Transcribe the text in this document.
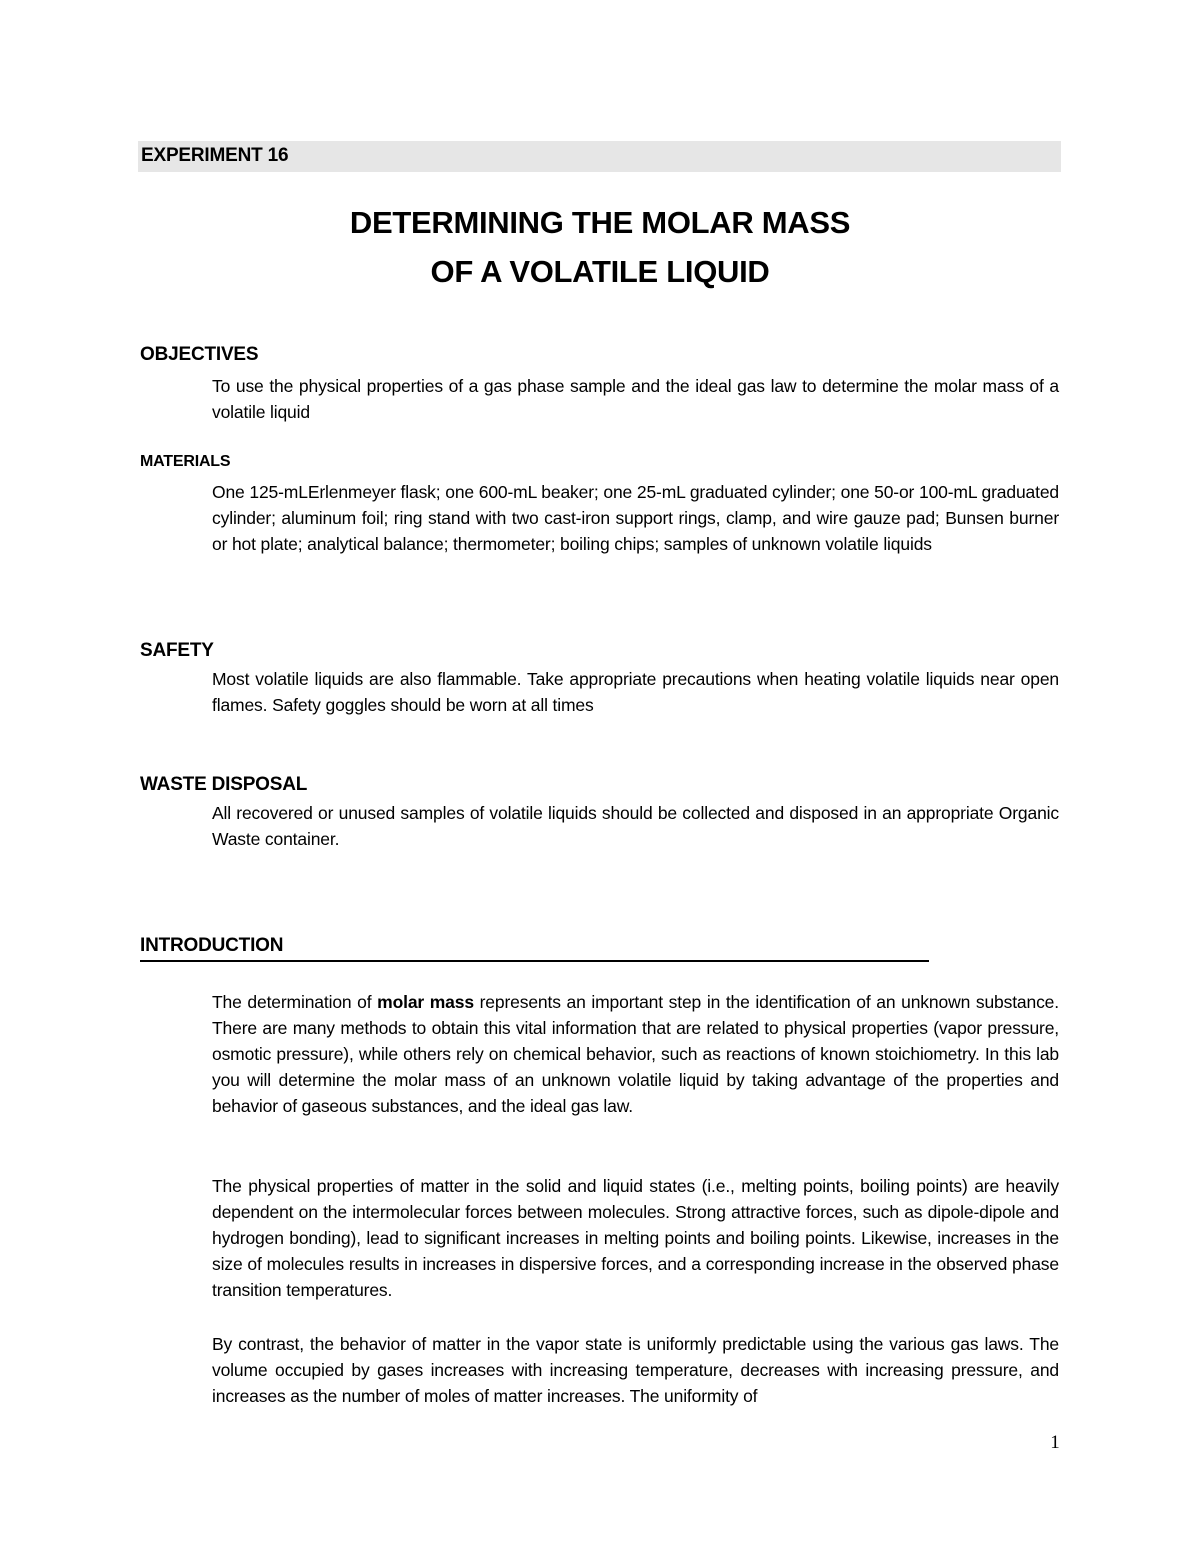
EXPERIMENT 16
DETERMINING THE MOLAR MASS
OF A VOLATILE LIQUID
OBJECTIVES

To use the physical properties of a gas phase sample and the ideal gas law to determine the molar mass of a volatile liquid

MATERIALS

One 125-mLErlenmeyer flask; one 600-mL beaker; one 25-mL graduated cylinder; one 50-or 100-mL graduated cylinder; aluminum foil; ring stand with two cast-iron support rings, clamp, and wire gauze pad; Bunsen burner or hot plate; analytical balance; thermometer; boiling chips; samples of unknown volatile liquids

SAFETY

Most volatile liquids are also flammable. Take appropriate precautions when heating volatile liquids near open flames. Safety goggles should be worn at all times

WASTE DISPOSAL

All recovered or unused samples of volatile liquids should be collected and disposed in an appropriate Organic Waste container.

INTRODUCTION

The determination of molar mass represents an important step in the identification of an unknown substance. There are many methods to obtain this vital information that are related to physical properties (vapor pressure, osmotic pressure), while others rely on chemical behavior, such as reactions of known stoichiometry. In this lab you will determine the molar mass of an unknown volatile liquid by taking advantage of the properties and behavior of gaseous substances, and the ideal gas law.

The physical properties of matter in the solid and liquid states (i.e., melting points, boiling points) are heavily dependent on the intermolecular forces between molecules. Strong attractive forces, such as dipole-dipole and hydrogen bonding), lead to significant increases in melting points and boiling points. Likewise, increases in the size of molecules results in increases in dispersive forces, and a corresponding increase in the observed phase transition temperatures.

By contrast, the behavior of matter in the vapor state is uniformly predictable using the various gas laws. The volume occupied by gases increases with increasing temperature, decreases with increasing pressure, and increases as the number of moles of matter increases. The uniformity of

1
